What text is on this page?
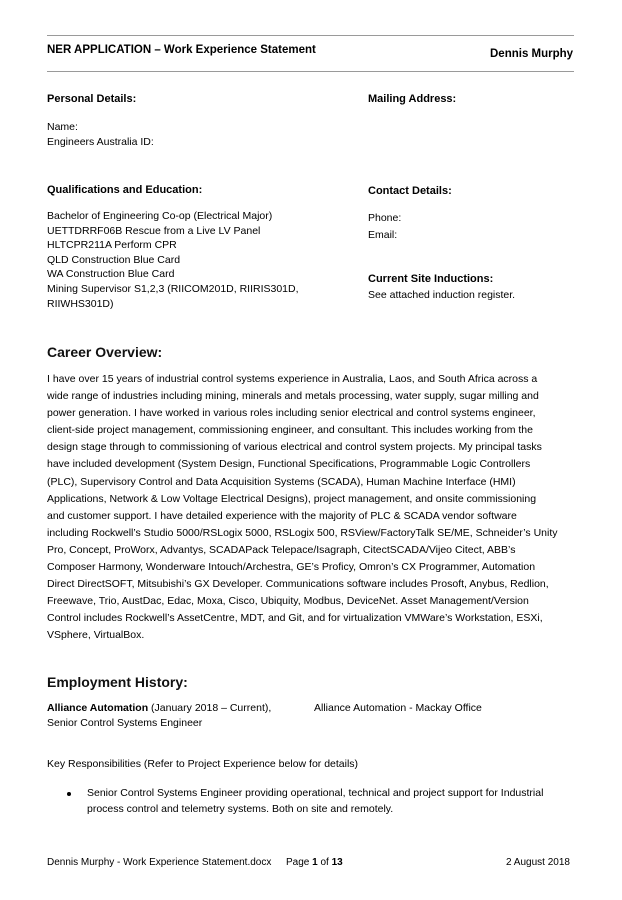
NER APPLICATION – Work Experience Statement	Dennis Murphy
Personal Details:
Name:
Engineers Australia ID:
Mailing Address:
Qualifications and Education:
Bachelor of Engineering Co-op (Electrical Major)
UETTDRRF06B Rescue from a Live LV Panel
HLTCPR211A Perform CPR
QLD Construction Blue Card
WA Construction Blue Card
Mining Supervisor S1,2,3 (RIICOM201D, RIIRIS301D,
RIIWHS301D)
Contact Details:
Phone:
Email:
Current Site Inductions:
See attached induction register.
Career Overview:
I have over 15 years of industrial control systems experience in Australia, Laos, and South Africa across a
wide range of industries including mining, minerals and metals processing, water supply, sugar milling and
power generation. I have worked in various roles including senior electrical and control systems engineer,
client-side project management, commissioning engineer, and consultant. This includes working from the
design stage through to commissioning of various electrical and control system projects. My principal tasks
have included development (System Design, Functional Specifications, Programmable Logic Controllers
(PLC), Supervisory Control and Data Acquisition Systems (SCADA), Human Machine Interface (HMI)
Applications, Network & Low Voltage Electrical Designs), project management, and onsite commissioning
and customer support. I have detailed experience with the majority of PLC & SCADA vendor software
including Rockwell’s Studio 5000/RSLogix 5000, RSLogix 500, RSView/FactoryTalk SE/ME, Schneider’s Unity
Pro, Concept, ProWorx, Advantys, SCADAPack Telepace/Isagraph, CitectSCADA/Vijeo Citect, ABB’s
Composer Harmony, Wonderware Intouch/Archestra, GE’s Proficy, Omron’s CX Programmer, Automation
Direct DirectSOFT, Mitsubishi’s GX Developer. Communications software includes Prosoft, Anybus, Redlion,
Freewave, Trio, AustDac, Edac, Moxa, Cisco, Ubiquity, Modbus, DeviceNet. Asset Management/Version
Control includes Rockwell’s AssetCentre, MDT, and Git, and for virtualization VMWare’s Workstation, ESXi,
VSphere, VirtualBox.
Employment History:
Alliance Automation (January 2018 – Current),	Alliance Automation - Mackay Office
Senior Control Systems Engineer
Key Responsibilities (Refer to Project Experience below for details)
Senior Control Systems Engineer providing operational, technical and project support for Industrial
process control and telemetry systems. Both on site and remotely.
Dennis Murphy - Work Experience Statement.docx Page 1 of 13	2 August 2018
